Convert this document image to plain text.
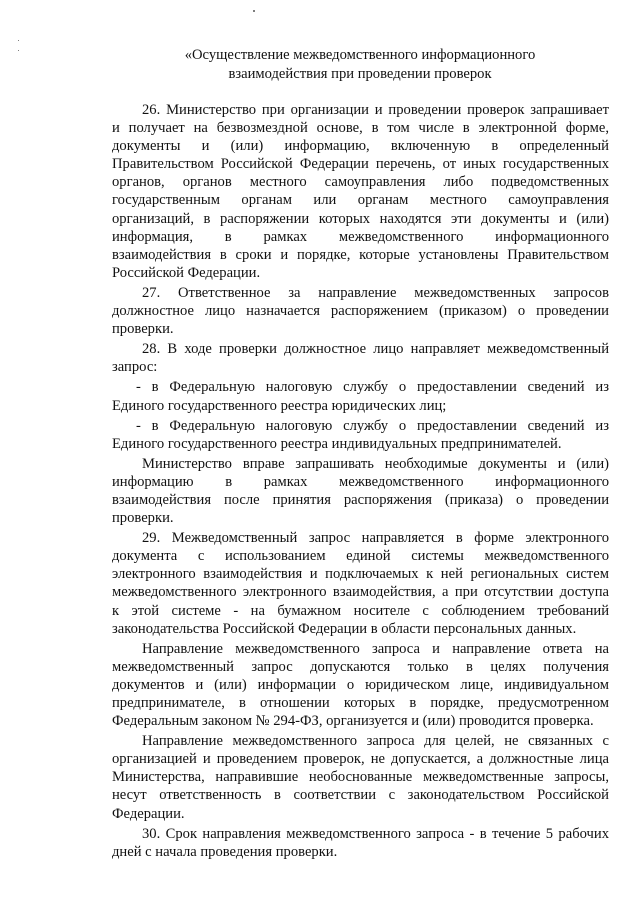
«Осуществление межведомственного информационного
взаимодействия при проведении проверок
26. Министерство при организации и проведении проверок запрашивает
и получает на безвозмездной основе, в том числе в электронной форме,
документы и (или) информацию, включенную в определенный
Правительством Российской Федерации перечень, от иных государственных
органов, органов местного самоуправления либо подведомственных
государственным органам или органам местного самоуправления
организаций, в распоряжении которых находятся эти документы и (или)
информация, в рамках межведомственного информационного
взаимодействия в сроки и порядке, которые установлены Правительством
Российской Федерации.
27. Ответственное за направление межведомственных запросов
должностное лицо назначается распоряжением (приказом) о проведении
проверки.
28. В ходе проверки должностное лицо направляет межведомственный
запрос:
- в Федеральную налоговую службу о предоставлении сведений из
Единого государственного реестра юридических лиц;
- в Федеральную налоговую службу о предоставлении сведений из
Единого государственного реестра индивидуальных предпринимателей.
Министерство вправе запрашивать необходимые документы и (или)
информацию в рамках межведомственного информационного
взаимодействия после принятия распоряжения (приказа) о проведении
проверки.
29. Межведомственный запрос направляется в форме электронного
документа с использованием единой системы межведомственного
электронного взаимодействия и подключаемых к ней региональных систем
межведомственного электронного взаимодействия, а при отсутствии доступа
к этой системе - на бумажном носителе с соблюдением требований
законодательства Российской Федерации в области персональных данных.
Направление межведомственного запроса и направление ответа на
межведомственный запрос допускаются только в целях получения
документов и (или) информации о юридическом лице, индивидуальном
предпринимателе, в отношении которых в порядке, предусмотренном
Федеральным законом № 294-ФЗ, организуется и (или) проводится проверка.
Направление межведомственного запроса для целей, не связанных с
организацией и проведением проверок, не допускается, а должностные лица
Министерства, направившие необоснованные межведомственные запросы,
несут ответственность в соответствии с законодательством Российской
Федерации.
30. Срок направления межведомственного запроса - в течение 5 рабочих
дней с начала проведения проверки.
